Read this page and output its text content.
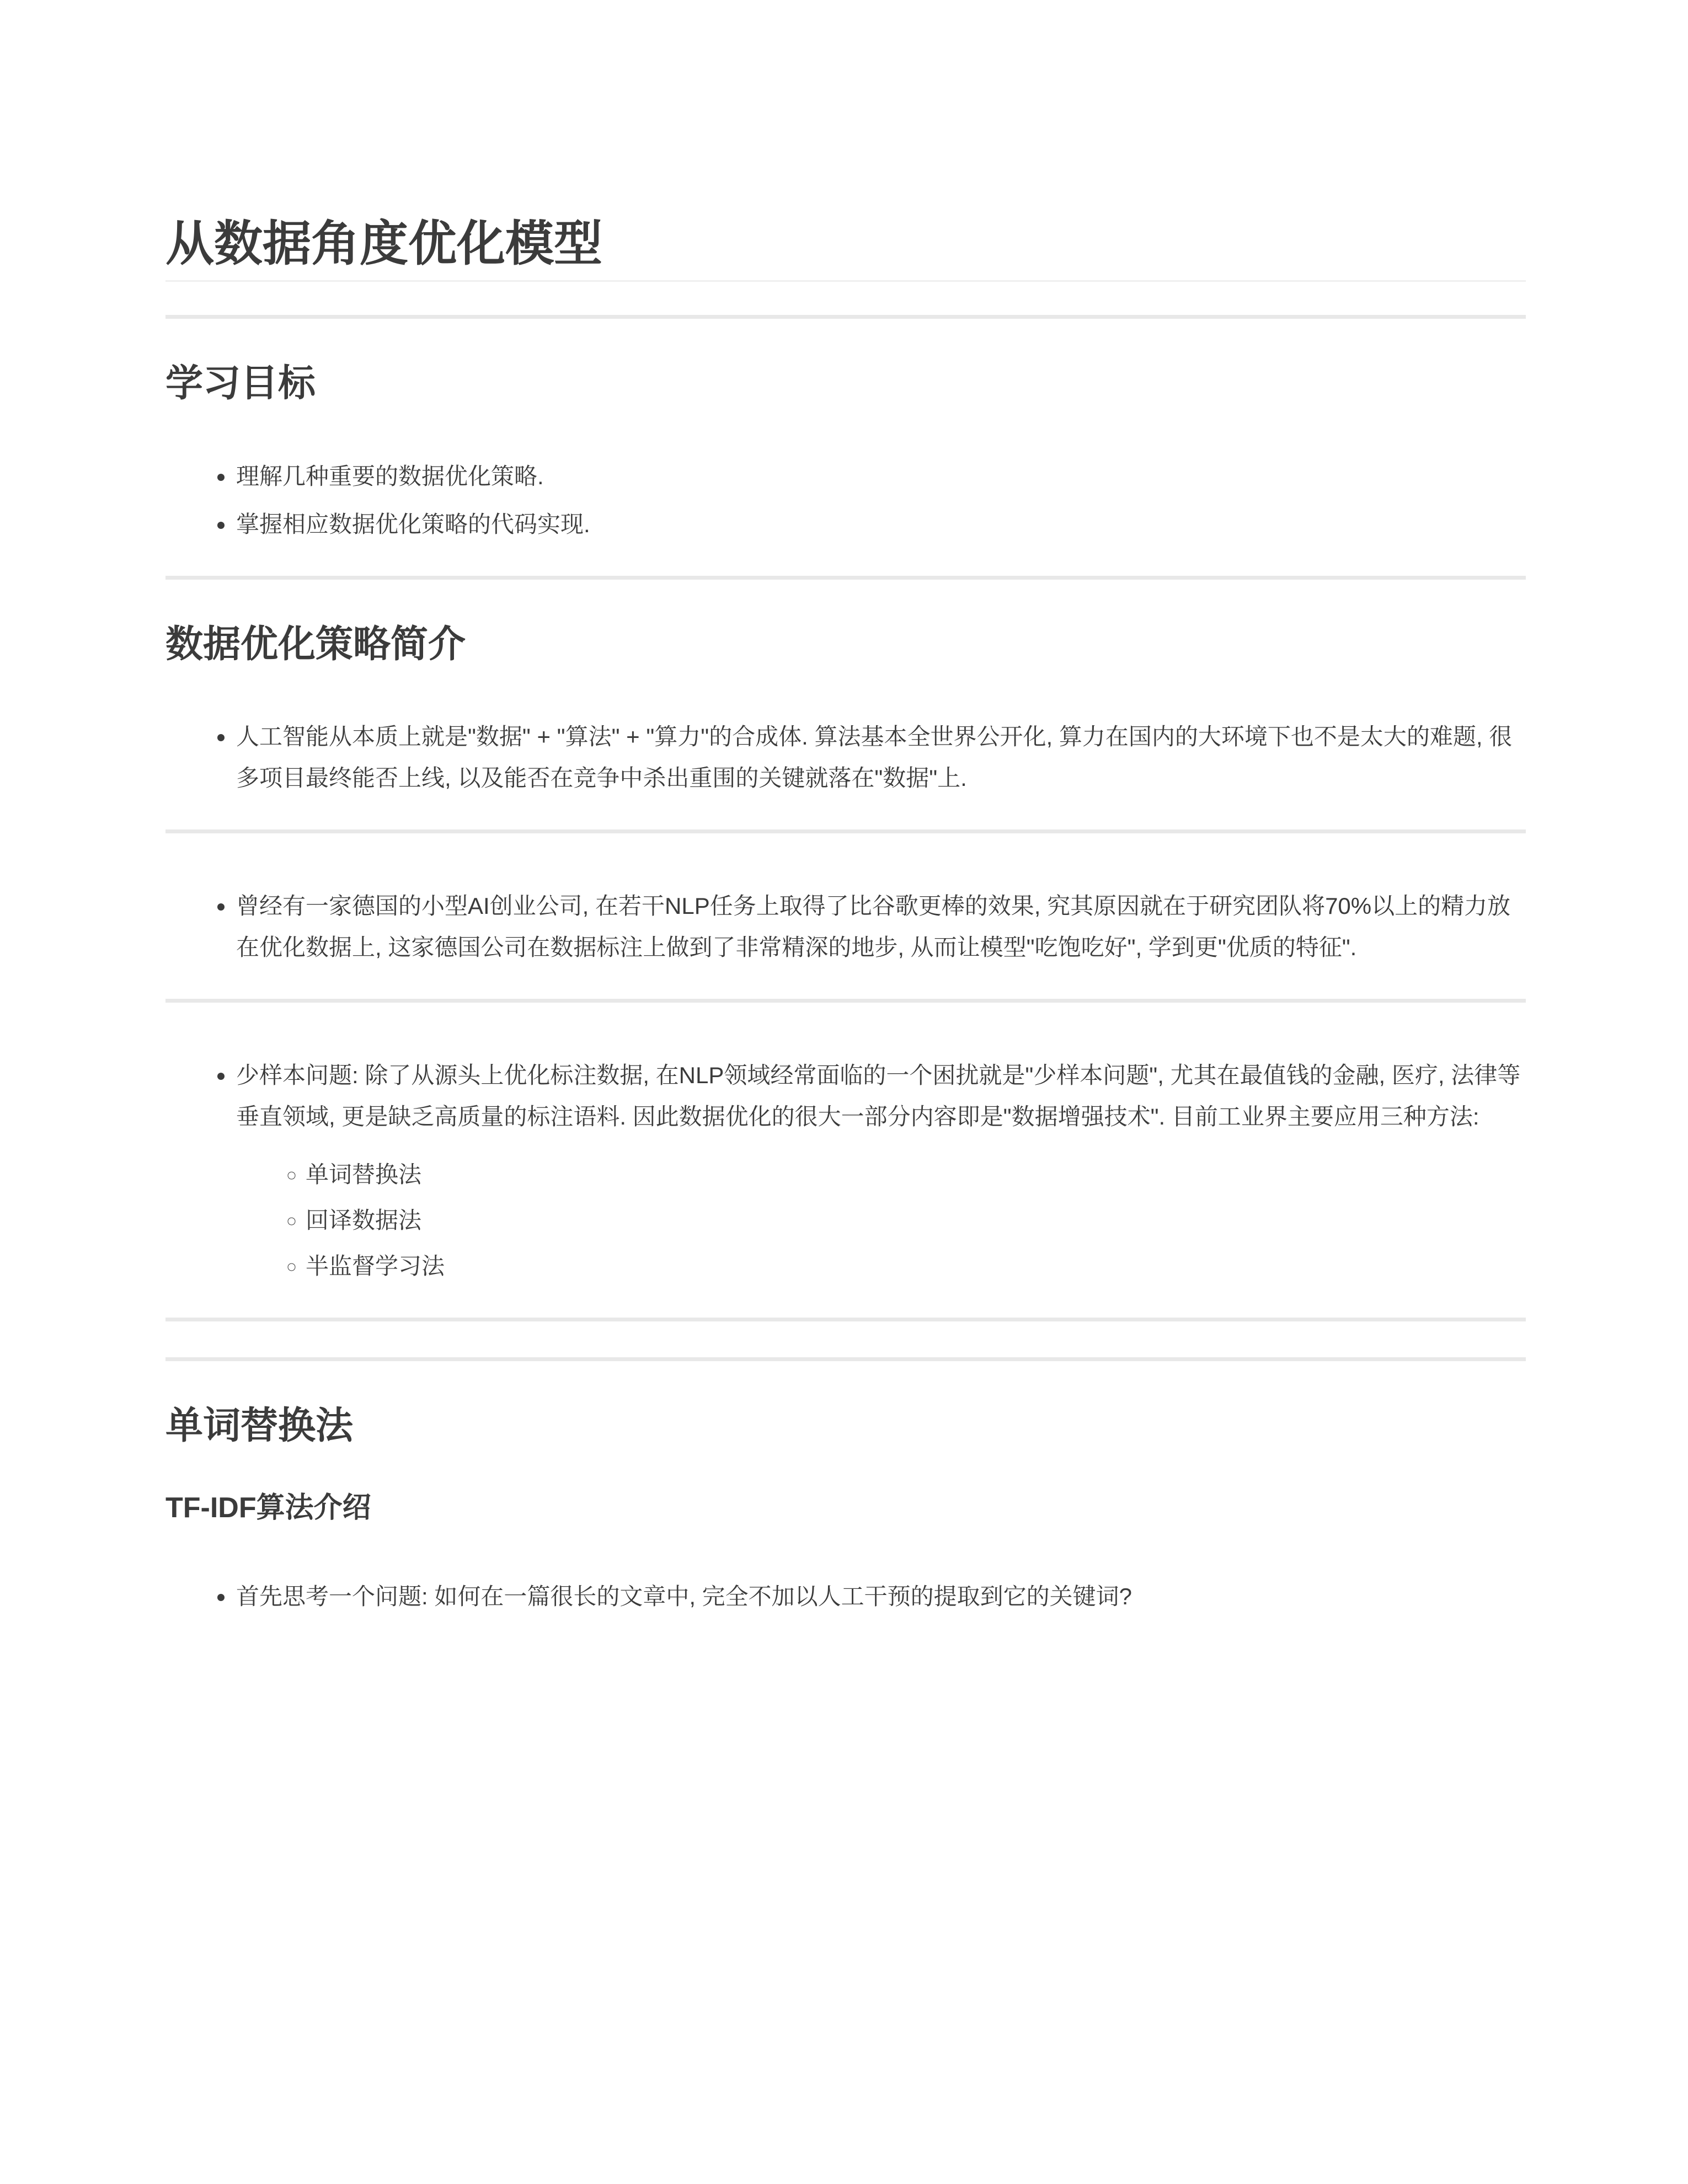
从数据角度优化模型
学习目标
• 理解几种重要的数据优化策略.
• 掌握相应数据优化策略的代码实现.
数据优化策略简介
• 人工智能从本质上就是"数据" + "算法" + "算力"的合成体. 算法基本全世界公开化, 算力在国内的大环境下也不是太大的难题, 很多项目最终能否上线, 以及能否在竞争中杀出重围的关键就落在"数据"上.
• 曾经有一家德国的小型AI创业公司, 在若干NLP任务上取得了比谷歌更棒的效果, 究其原因就在于研究团队将70%以上的精力放在优化数据上, 这家德国公司在数据标注上做到了非常精深的地步, 从而让模型"吃饱吃好", 学到更"优质的特征".
• 少样本问题: 除了从源头上优化标注数据, 在NLP领域经常面临的一个困扰就是"少样本问题", 尤其在最值钱的金融, 医疗, 法律等垂直领域, 更是缺乏高质量的标注语料. 因此数据优化的很大一部分内容即是"数据增强技术". 目前工业界主要应用三种方法:
◦ 单词替换法
◦ 回译数据法
◦ 半监督学习法
单词替换法
TF-IDF算法介绍
• 首先思考一个问题: 如何在一篇很长的文章中, 完全不加以人工干预的提取到它的关键词?
